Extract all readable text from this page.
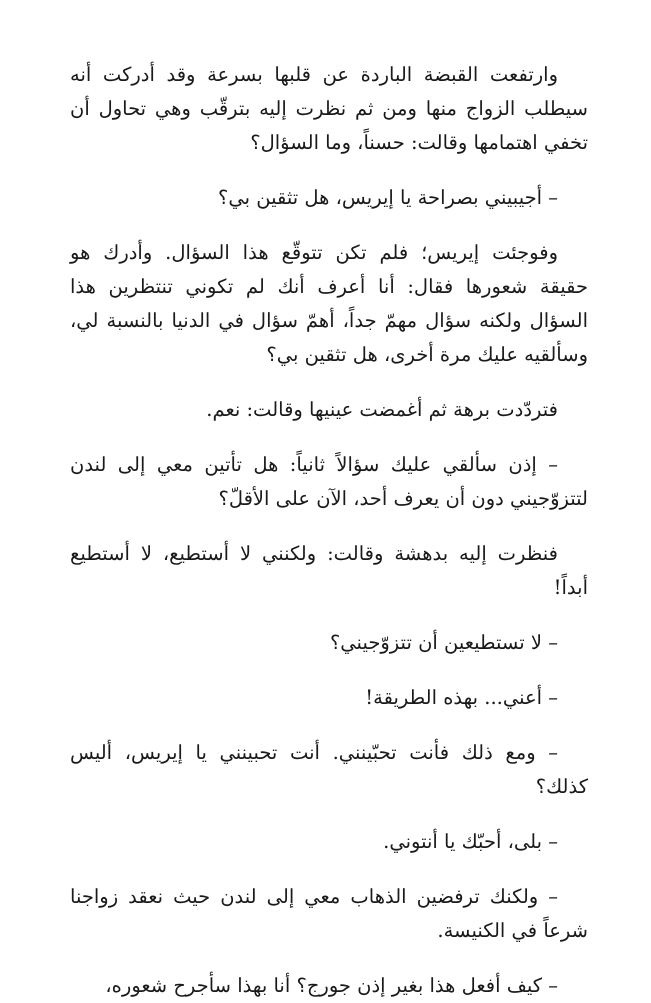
وارتفعت القبضة الباردة عن قلبها بسرعة وقد أدركت أنه سيطلب الزواج منها ومن ثم نظرت إليه بترقّب وهي تحاول أن تخفي اهتمامها وقالت: حسناً، وما السؤال؟

– أجيبيني بصراحة يا إيريس، هل تثقين بي؟

وفوجئت إيريس؛ فلم تكن تتوقّع هذا السؤال. وأدرك هو حقيقة شعورها فقال: أنا أعرف أنك لم تكوني تنتظرين هذا السؤال ولكنه سؤال مهمّ جداً، أهمّ سؤال في الدنيا بالنسبة لي، وسألقيه عليك مرة أخرى، هل تثقين بي؟

فتردّدت برهة ثم أغمضت عينيها وقالت: نعم.

– إذن سألقي عليك سؤالاً ثانياً: هل تأتين معي إلى لندن لتتزوّجيني دون أن يعرف أحد، الآن على الأقلّ؟

فنظرت إليه بدهشة وقالت: ولكنني لا أستطيع، لا أستطيع أبداً!

– لا تستطيعين أن تتزوّجيني؟

– أعني... بهذه الطريقة!

– ومع ذلك فأنت تحبّينني. أنت تحبينني يا إيريس، أليس كذلك؟

– بلى، أحبّك يا أنتوني.

– ولكنك ترفضين الذهاب معي إلى لندن حيث نعقد زواجنا شرعاً في الكنيسة.

– كيف أفعل هذا بغير إذن جورج؟ أنا بهذا سأجرح شعوره،
